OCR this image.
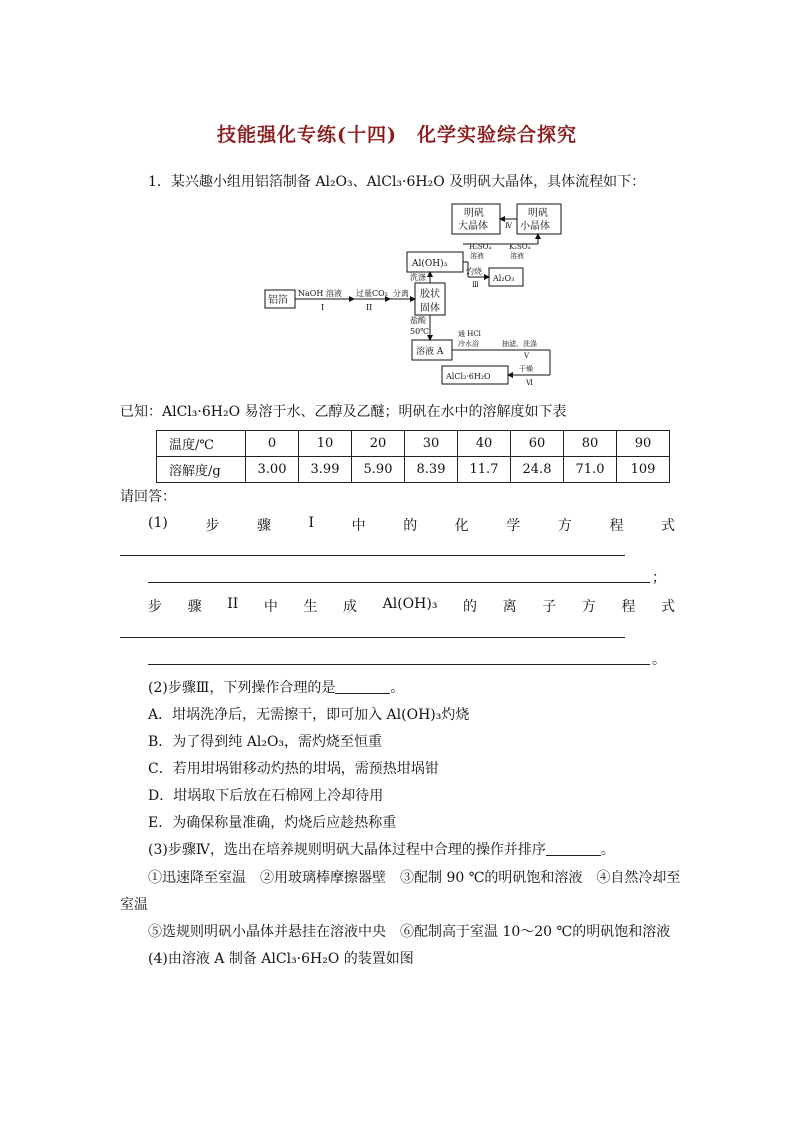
技能强化专练(十四)　化学实验综合探究
1．某兴趣小组用铝箔制备 Al₂O₃、AlCl₃·6H₂O 及明矾大晶体，具体流程如下：
铝箔
NaOH 溶液
I
过量CO₂
II
分离 胶状
固体
洗涤
Al(OH)₃
灼烧
Ⅲ
Al₂O₃
H₂SO₄
溶液
K₂SO₄
溶液
明矾
大晶体 Ⅳ
明矾
小晶体
盐酸
50℃
溶液 A
通 HCl
冷水浴	抽滤、洗涤
V
干燥
Ⅵ
AlCl₃·6H₂O
已知：AlCl₃·6H₂O 易溶于水、乙醇及乙醚；明矾在水中的溶解度如下表
温度/℃	0	10	20	30	40	60	80	90
溶解度/g	3.00	3.99	5.90	8.39	11.7	24.8	71.0	109
请回答：
(1)	步	骤	I	中	的	化	学	方	程	式
；
步 骤 II 中 生 成 Al(OH)₃ 的 离 子 方 程 式
。
(2)步骤Ⅲ，下列操作合理的是	。
A．坩埚洗净后，无需擦干，即可加入 Al(OH)₃灼烧
B．为了得到纯 Al₂O₃，需灼烧至恒重
C．若用坩埚钳移动灼热的坩埚，需预热坩埚钳
D．坩埚取下后放在石棉网上冷却待用
E．为确保称量准确，灼烧后应趁热称重
(3)步骤Ⅳ，选出在培养规则明矾大晶体过程中合理的操作并排序	。
①迅速降至室温　②用玻璃棒摩擦器壁　③配制 90 ℃的明矾饱和溶液　④自然冷却至
室温
⑤选规则明矾小晶体并悬挂在溶液中央　⑥配制高于室温 10～20 ℃的明矾饱和溶液
(4)由溶液 A 制备 AlCl₃·6H₂O 的装置如图
